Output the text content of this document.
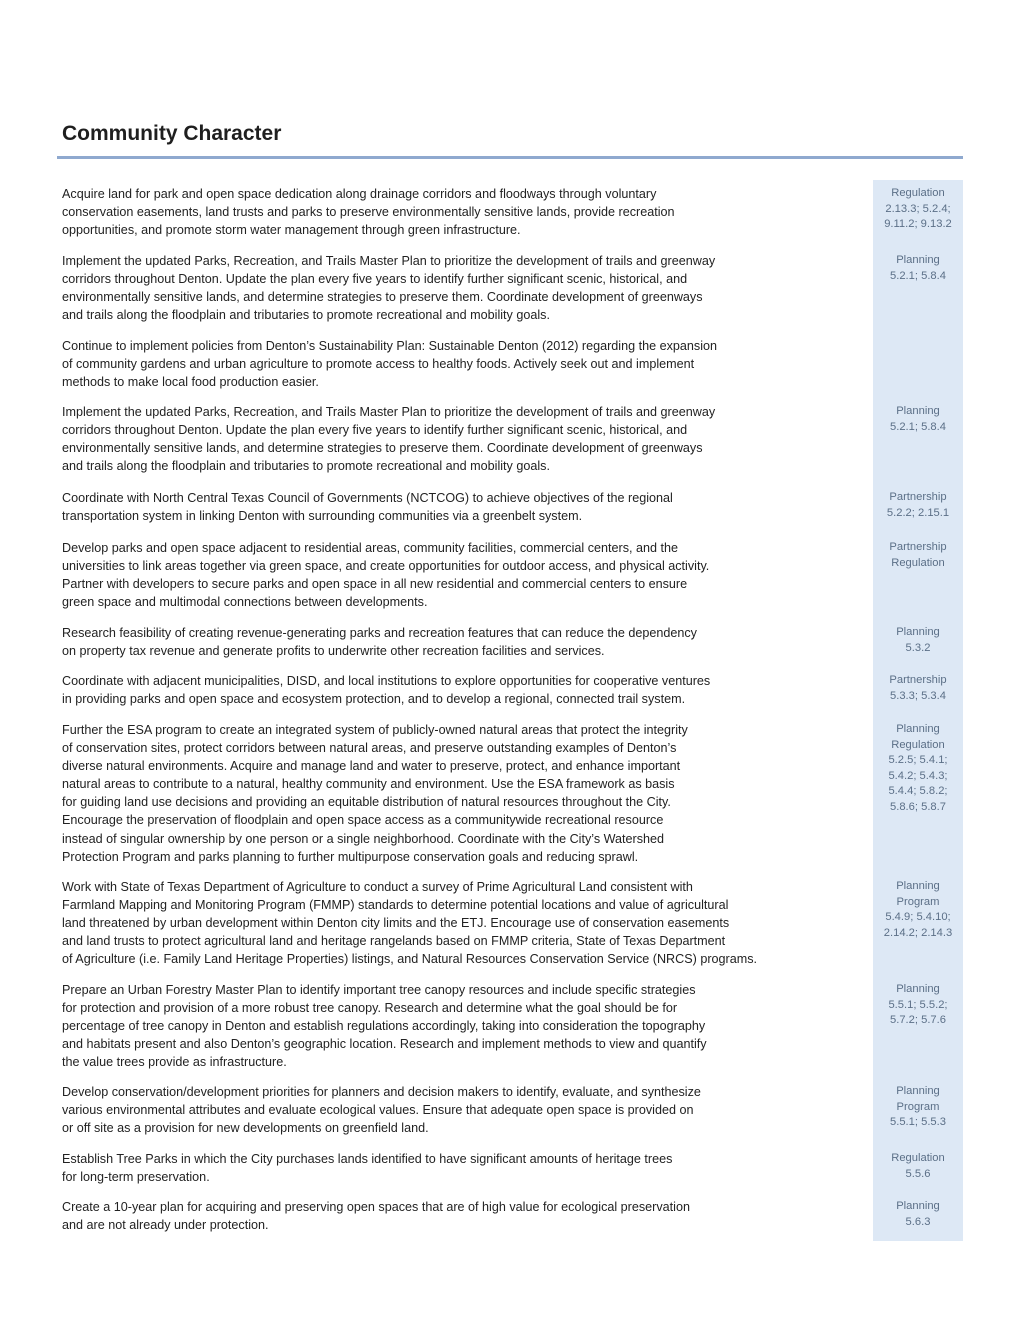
Community Character

Acquire land for park and open space dedication along drainage corridors and floodways through voluntary
conservation easements, land trusts and parks to preserve environmentally sensitive lands, provide recreation
opportunities, and promote storm water management through green infrastructure.

Regulation
2.13.3; 5.2.4;
9.11.2; 9.13.2

Implement the updated Parks, Recreation, and Trails Master Plan to prioritize the development of trails and greenway
corridors throughout Denton. Update the plan every five years to identify further significant scenic, historical, and
environmentally sensitive lands, and determine strategies to preserve them. Coordinate development of greenways
and trails along the floodplain and tributaries to promote recreational and mobility goals.

Planning
5.2.1; 5.8.4

Continue to implement policies from Denton’s Sustainability Plan: Sustainable Denton (2012) regarding the expansion
of community gardens and urban agriculture to promote access to healthy foods. Actively seek out and implement
methods to make local food production easier.

Implement the updated Parks, Recreation, and Trails Master Plan to prioritize the development of trails and greenway
corridors throughout Denton. Update the plan every five years to identify further significant scenic, historical, and
environmentally sensitive lands, and determine strategies to preserve them. Coordinate development of greenways
and trails along the floodplain and tributaries to promote recreational and mobility goals.

Planning
5.2.1; 5.8.4

Coordinate with North Central Texas Council of Governments (NCTCOG) to achieve objectives of the regional
transportation system in linking Denton with surrounding communities via a greenbelt system.

Partnership
5.2.2; 2.15.1

Develop parks and open space adjacent to residential areas, community facilities, commercial centers, and the
universities to link areas together via green space, and create opportunities for outdoor access, and physical activity.
Partner with developers to secure parks and open space in all new residential and commercial centers to ensure
green space and multimodal connections between developments.

Partnership
Regulation

Research feasibility of creating revenue-generating parks and recreation features that can reduce the dependency
on property tax revenue and generate profits to underwrite other recreation facilities and services.

Planning
5.3.2

Coordinate with adjacent municipalities, DISD, and local institutions to explore opportunities for cooperative ventures
in providing parks and open space and ecosystem protection, and to develop a regional, connected trail system.

Partnership
5.3.3; 5.3.4

Further the ESA program to create an integrated system of publicly-owned natural areas that protect the integrity
of conservation sites, protect corridors between natural areas, and preserve outstanding examples of Denton’s
diverse natural environments. Acquire and manage land and water to preserve, protect, and enhance important
natural areas to contribute to a natural, healthy community and environment. Use the ESA framework as basis
for guiding land use decisions and providing an equitable distribution of natural resources throughout the City.
Encourage the preservation of floodplain and open space access as a communitywide recreational resource
instead of singular ownership by one person or a single neighborhood. Coordinate with the City’s Watershed
Protection Program and parks planning to further multipurpose conservation goals and reducing sprawl.

Planning
Regulation
5.2.5; 5.4.1;
5.4.2; 5.4.3;
5.4.4; 5.8.2;
5.8.6; 5.8.7

Work with State of Texas Department of Agriculture to conduct a survey of Prime Agricultural Land consistent with
Farmland Mapping and Monitoring Program (FMMP) standards to determine potential locations and value of agricultural
land threatened by urban development within Denton city limits and the ETJ. Encourage use of conservation easements
and land trusts to protect agricultural land and heritage rangelands based on FMMP criteria, State of Texas Department
of Agriculture (i.e. Family Land Heritage Properties) listings, and Natural Resources Conservation Service (NRCS) programs.

Planning
Program
5.4.9; 5.4.10;
2.14.2; 2.14.3

Prepare an Urban Forestry Master Plan to identify important tree canopy resources and include specific strategies
for protection and provision of a more robust tree canopy. Research and determine what the goal should be for
percentage of tree canopy in Denton and establish regulations accordingly, taking into consideration the topography
and habitats present and also Denton’s geographic location. Research and implement methods to view and quantify
the value trees provide as infrastructure.

Planning
5.5.1; 5.5.2;
5.7.2; 5.7.6

Develop conservation/development priorities for planners and decision makers to identify, evaluate, and synthesize
various environmental attributes and evaluate ecological values. Ensure that adequate open space is provided on
or off site as a provision for new developments on greenfield land.

Planning
Program
5.5.1; 5.5.3

Establish Tree Parks in which the City purchases lands identified to have significant amounts of heritage trees
for long-term preservation.

Regulation
5.5.6

Create a 10-year plan for acquiring and preserving open spaces that are of high value for ecological preservation
and are not already under protection.

Planning
5.6.3
